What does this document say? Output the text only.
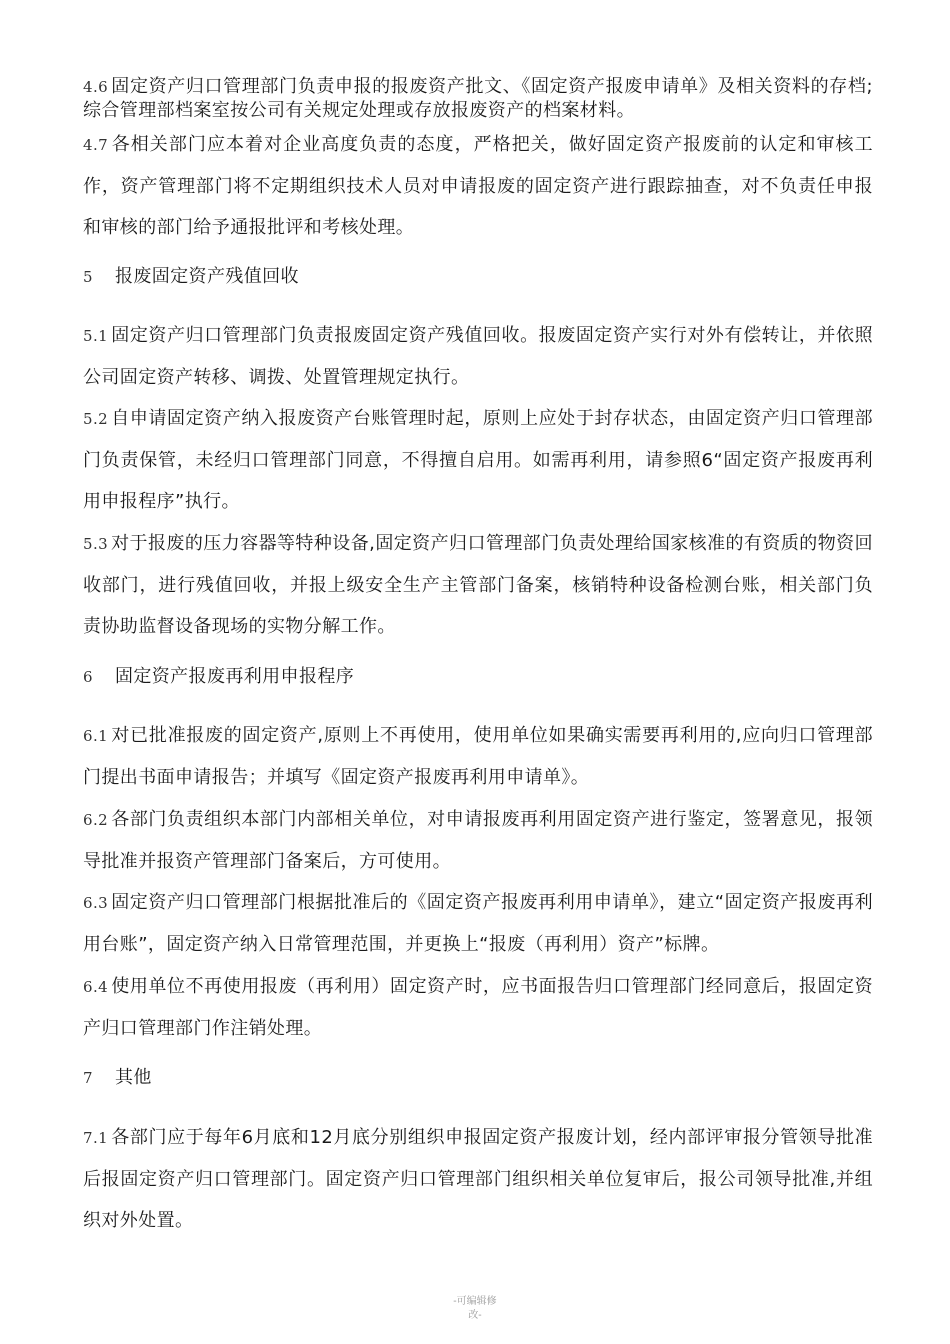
4.6 固定资产归口管理部门负责申报的报废资产批文、《固定资产报废申请单》及相关资料的存档;综合管理部档案室按公司有关规定处理或存放报废资产的档案材料。

4.7 各相关部门应本着对企业高度负责的态度，严格把关，做好固定资产报废前的认定和审核工作，资产管理部门将不定期组织技术人员对申请报废的固定资产进行跟踪抽查，对不负责任申报和审核的部门给予通报批评和考核处理。

5 报废固定资产残值回收

5.1 固定资产归口管理部门负责报废固定资产残值回收。报废固定资产实行对外有偿转让，并依照公司固定资产转移、调拨、处置管理规定执行。

5.2 自申请固定资产纳入报废资产台账管理时起，原则上应处于封存状态，由固定资产归口管理部门负责保管，未经归口管理部门同意，不得擅自启用。如需再利用，请参照6“固定资产报废再利用申报程序”执行。

5.3 对于报废的压力容器等特种设备,固定资产归口管理部门负责处理给国家核准的有资质的物资回收部门，进行残值回收，并报上级安全生产主管部门备案，核销特种设备检测台账，相关部门负责协助监督设备现场的实物分解工作。

6 固定资产报废再利用申报程序

6.1 对已批准报废的固定资产,原则上不再使用，使用单位如果确实需要再利用的,应向归口管理部门提出书面申请报告；并填写《固定资产报废再利用申请单》。

6.2 各部门负责组织本部门内部相关单位，对申请报废再利用固定资产进行鉴定，签署意见，报领导批准并报资产管理部门备案后，方可使用。

6.3 固定资产归口管理部门根据批准后的《固定资产报废再利用申请单》，建立“固定资产报废再利用台账”，固定资产纳入日常管理范围，并更换上“报废（再利用）资产”标牌。

6.4 使用单位不再使用报废（再利用）固定资产时，应书面报告归口管理部门经同意后，报固定资产归口管理部门作注销处理。

7 其他

7.1 各部门应于每年6月底和12月底分别组织申报固定资产报废计划，经内部评审报分管领导批准后报固定资产归口管理部门。固定资产归口管理部门组织相关单位复审后，报公司领导批准,并组织对外处置。

-可编辑修
改-
